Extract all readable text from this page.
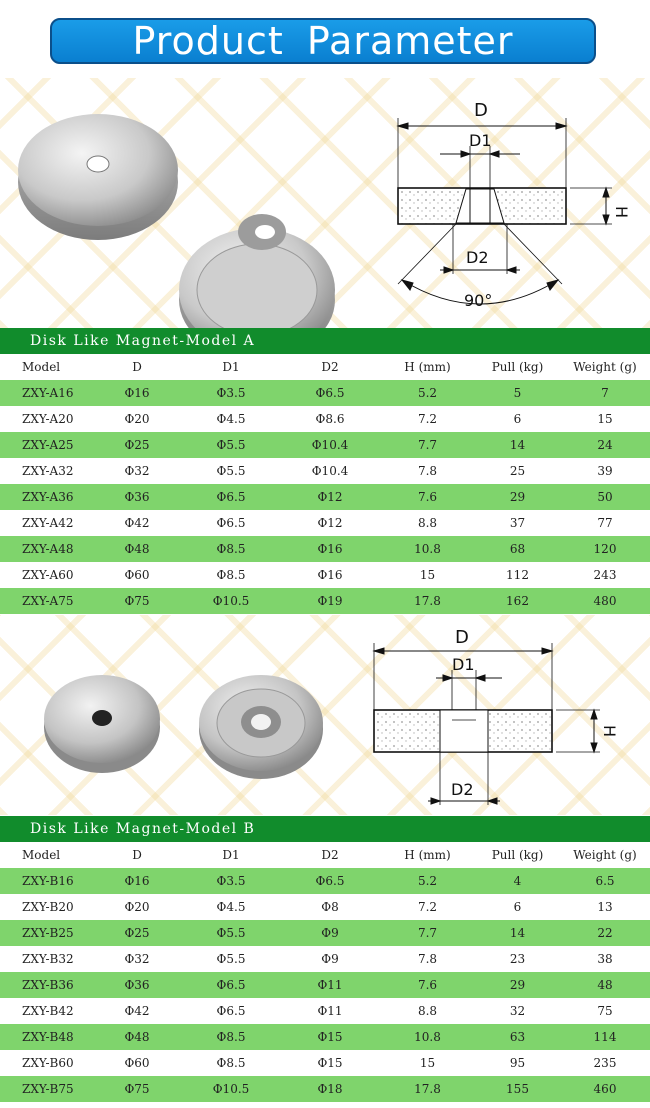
Product Parameter
D
D1
H
D2
90°
Disk Like Magnet-Model A
Model	D	D1	D2	H (mm)	Pull (kg)	Weight (g)
ZXY-A16	Φ16	Φ3.5	Φ6.5	5.2	5	7
ZXY-A20	Φ20	Φ4.5	Φ8.6	7.2	6	15
ZXY-A25	Φ25	Φ5.5	Φ10.4	7.7	14	24
ZXY-A32	Φ32	Φ5.5	Φ10.4	7.8	25	39
ZXY-A36	Φ36	Φ6.5	Φ12	7.6	29	50
ZXY-A42	Φ42	Φ6.5	Φ12	8.8	37	77
ZXY-A48	Φ48	Φ8.5	Φ16	10.8	68	120
ZXY-A60	Φ60	Φ8.5	Φ16	15	112	243
ZXY-A75	Φ75	Φ10.5	Φ19	17.8	162	480
D
D1
H
D2
Disk Like Magnet-Model B
Model	D	D1	D2	H (mm)	Pull (kg)	Weight (g)
ZXY-B16	Φ16	Φ3.5	Φ6.5	5.2	4	6.5
ZXY-B20	Φ20	Φ4.5	Φ8	7.2	6	13
ZXY-B25	Φ25	Φ5.5	Φ9	7.7	14	22
ZXY-B32	Φ32	Φ5.5	Φ9	7.8	23	38
ZXY-B36	Φ36	Φ6.5	Φ11	7.6	29	48
ZXY-B42	Φ42	Φ6.5	Φ11	8.8	32	75
ZXY-B48	Φ48	Φ8.5	Φ15	10.8	63	114
ZXY-B60	Φ60	Φ8.5	Φ15	15	95	235
ZXY-B75	Φ75	Φ10.5	Φ18	17.8	155	460
